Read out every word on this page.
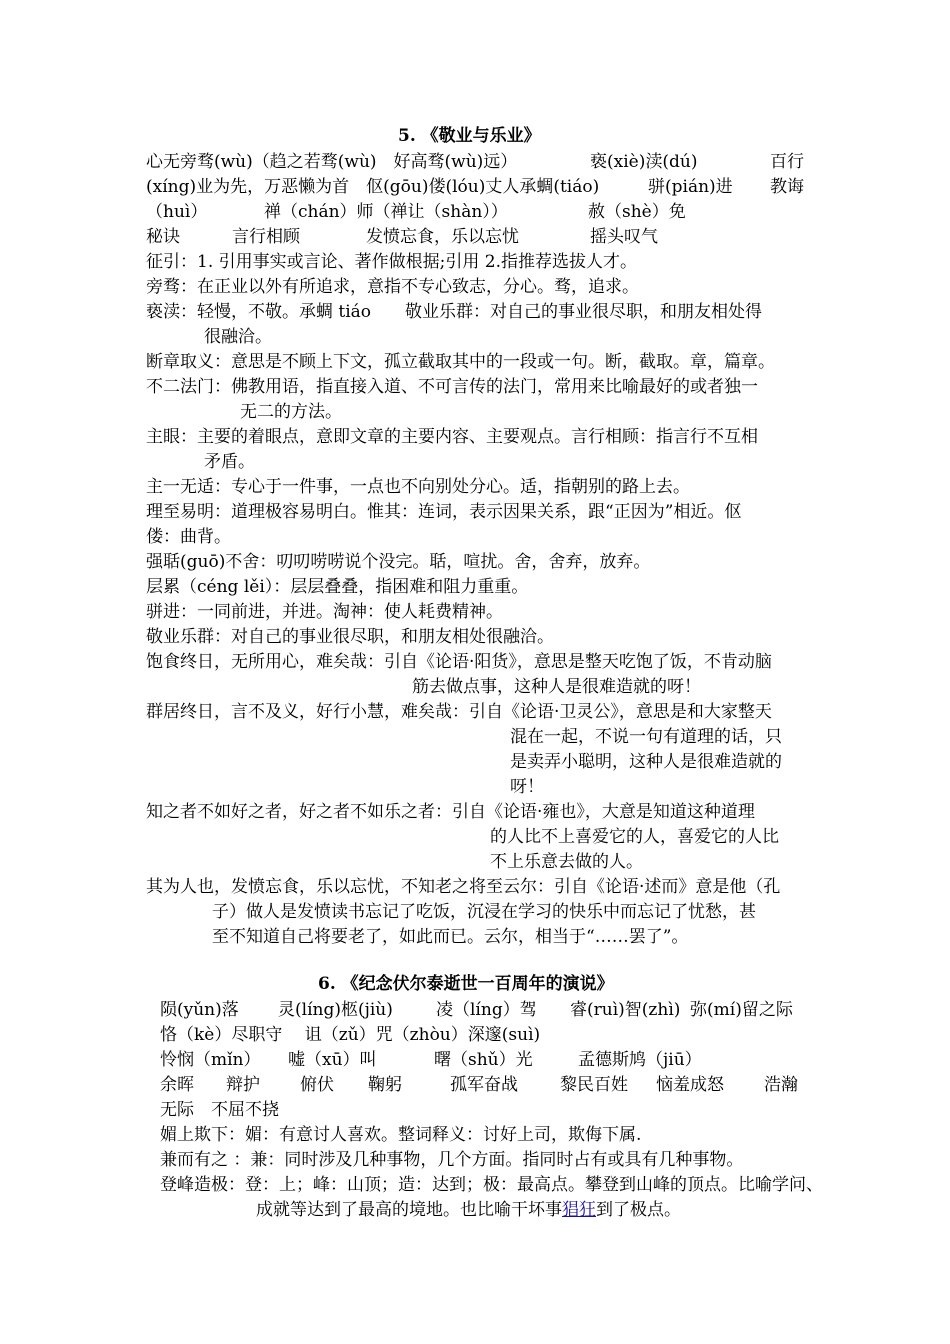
5. 《敬业与乐业》
心无旁骛(wù)（趋之若骛(wù)　好高骛(wù)远）	亵(xiè)渎(dú)	百行
(xíng)业为先，万恶懒为首　伛(gōu)偻(lóu)丈人承蜩(tiáo)	骈(pián)进 教诲
（huì）	禅（chán）师（禅让（shàn））	赦（shè）免
秘诀	言行相顾	发愤忘食，乐以忘忧	摇头叹气
征引：1. 引用事实或言论、著作做根据;引用 2.指推荐选拔人才。
旁骛：在正业以外有所追求，意指不专心致志，分心。骛，追求。
亵渎：轻慢，不敬。承蜩 tiáo　　敬业乐群：对自己的事业很尽职，和朋友相处得
很融洽。
断章取义：意思是不顾上下文，孤立截取其中的一段或一句。断，截取。章，篇章。
不二法门：佛教用语，指直接入道、不可言传的法门，常用来比喻最好的或者独一
无二的方法。
主眼：主要的着眼点，意即文章的主要内容、主要观点。言行相顾：指言行不互相
矛盾。
主一无适：专心于一件事，一点也不向别处分心。适，指朝别的路上去。
理至易明：道理极容易明白。惟其：连词，表示因果关系，跟“正因为”相近。伛
偻：曲背。
强聒(guō)不舍：叨叨唠唠说个没完。聒，喧扰。舍，舍弃，放弃。
层累（céng lěi）：层层叠叠，指困难和阻力重重。
骈进：一同前进，并进。淘神：使人耗费精神。
敬业乐群：对自己的事业很尽职，和朋友相处很融洽。
饱食终日，无所用心，难矣哉：引自《论语·阳货》，意思是整天吃饱了饭，不肯动脑
筋去做点事，这种人是很难造就的呀！
群居终日，言不及义，好行小慧，难矣哉：引自《论语·卫灵公》，意思是和大家整天
混在一起，不说一句有道理的话，只
是卖弄小聪明，这种人是很难造就的
呀！
知之者不如好之者，好之者不如乐之者：引自《论语·雍也》，大意是知道这种道理
的人比不上喜爱它的人，喜爱它的人比
不上乐意去做的人。
其为人也，发愤忘食，乐以忘忧，不知老之将至云尔：引自《论语·述而》意是他（孔
子）做人是发愤读书忘记了吃饭，沉浸在学习的快乐中而忘记了忧愁，甚
至不知道自己将要老了，如此而已。云尔，相当于“……罢了”。
6. 《纪念伏尔泰逝世一百周年的演说》
陨(yǔn)落 灵(líng)柩(jiù)	凌（líng）驾 睿(ruì)智(zhì) 弥(mí)留之际
恪（kè）尽职守　 诅（zǔ）咒（zhòu）深邃(suì)
怜悯（mǐn） 嘘（xū）叫	曙（shǔ）光	孟德斯鸠（jiū）
余晖 辩护 俯伏 鞠躬	孤军奋战 黎民百姓 恼羞成怒 浩瀚
无际　不屈不挠
媚上欺下：媚：有意讨人喜欢。整词释义：讨好上司，欺侮下属.
兼而有之 ：兼：同时涉及几种事物，几个方面。指同时占有或具有几种事物。
登峰造极：登：上；峰：山顶；造：达到；极：最高点。攀登到山峰的顶点。比喻学问、
成就等达到了最高的境地。也比喻干坏事猖狂到了极点。
